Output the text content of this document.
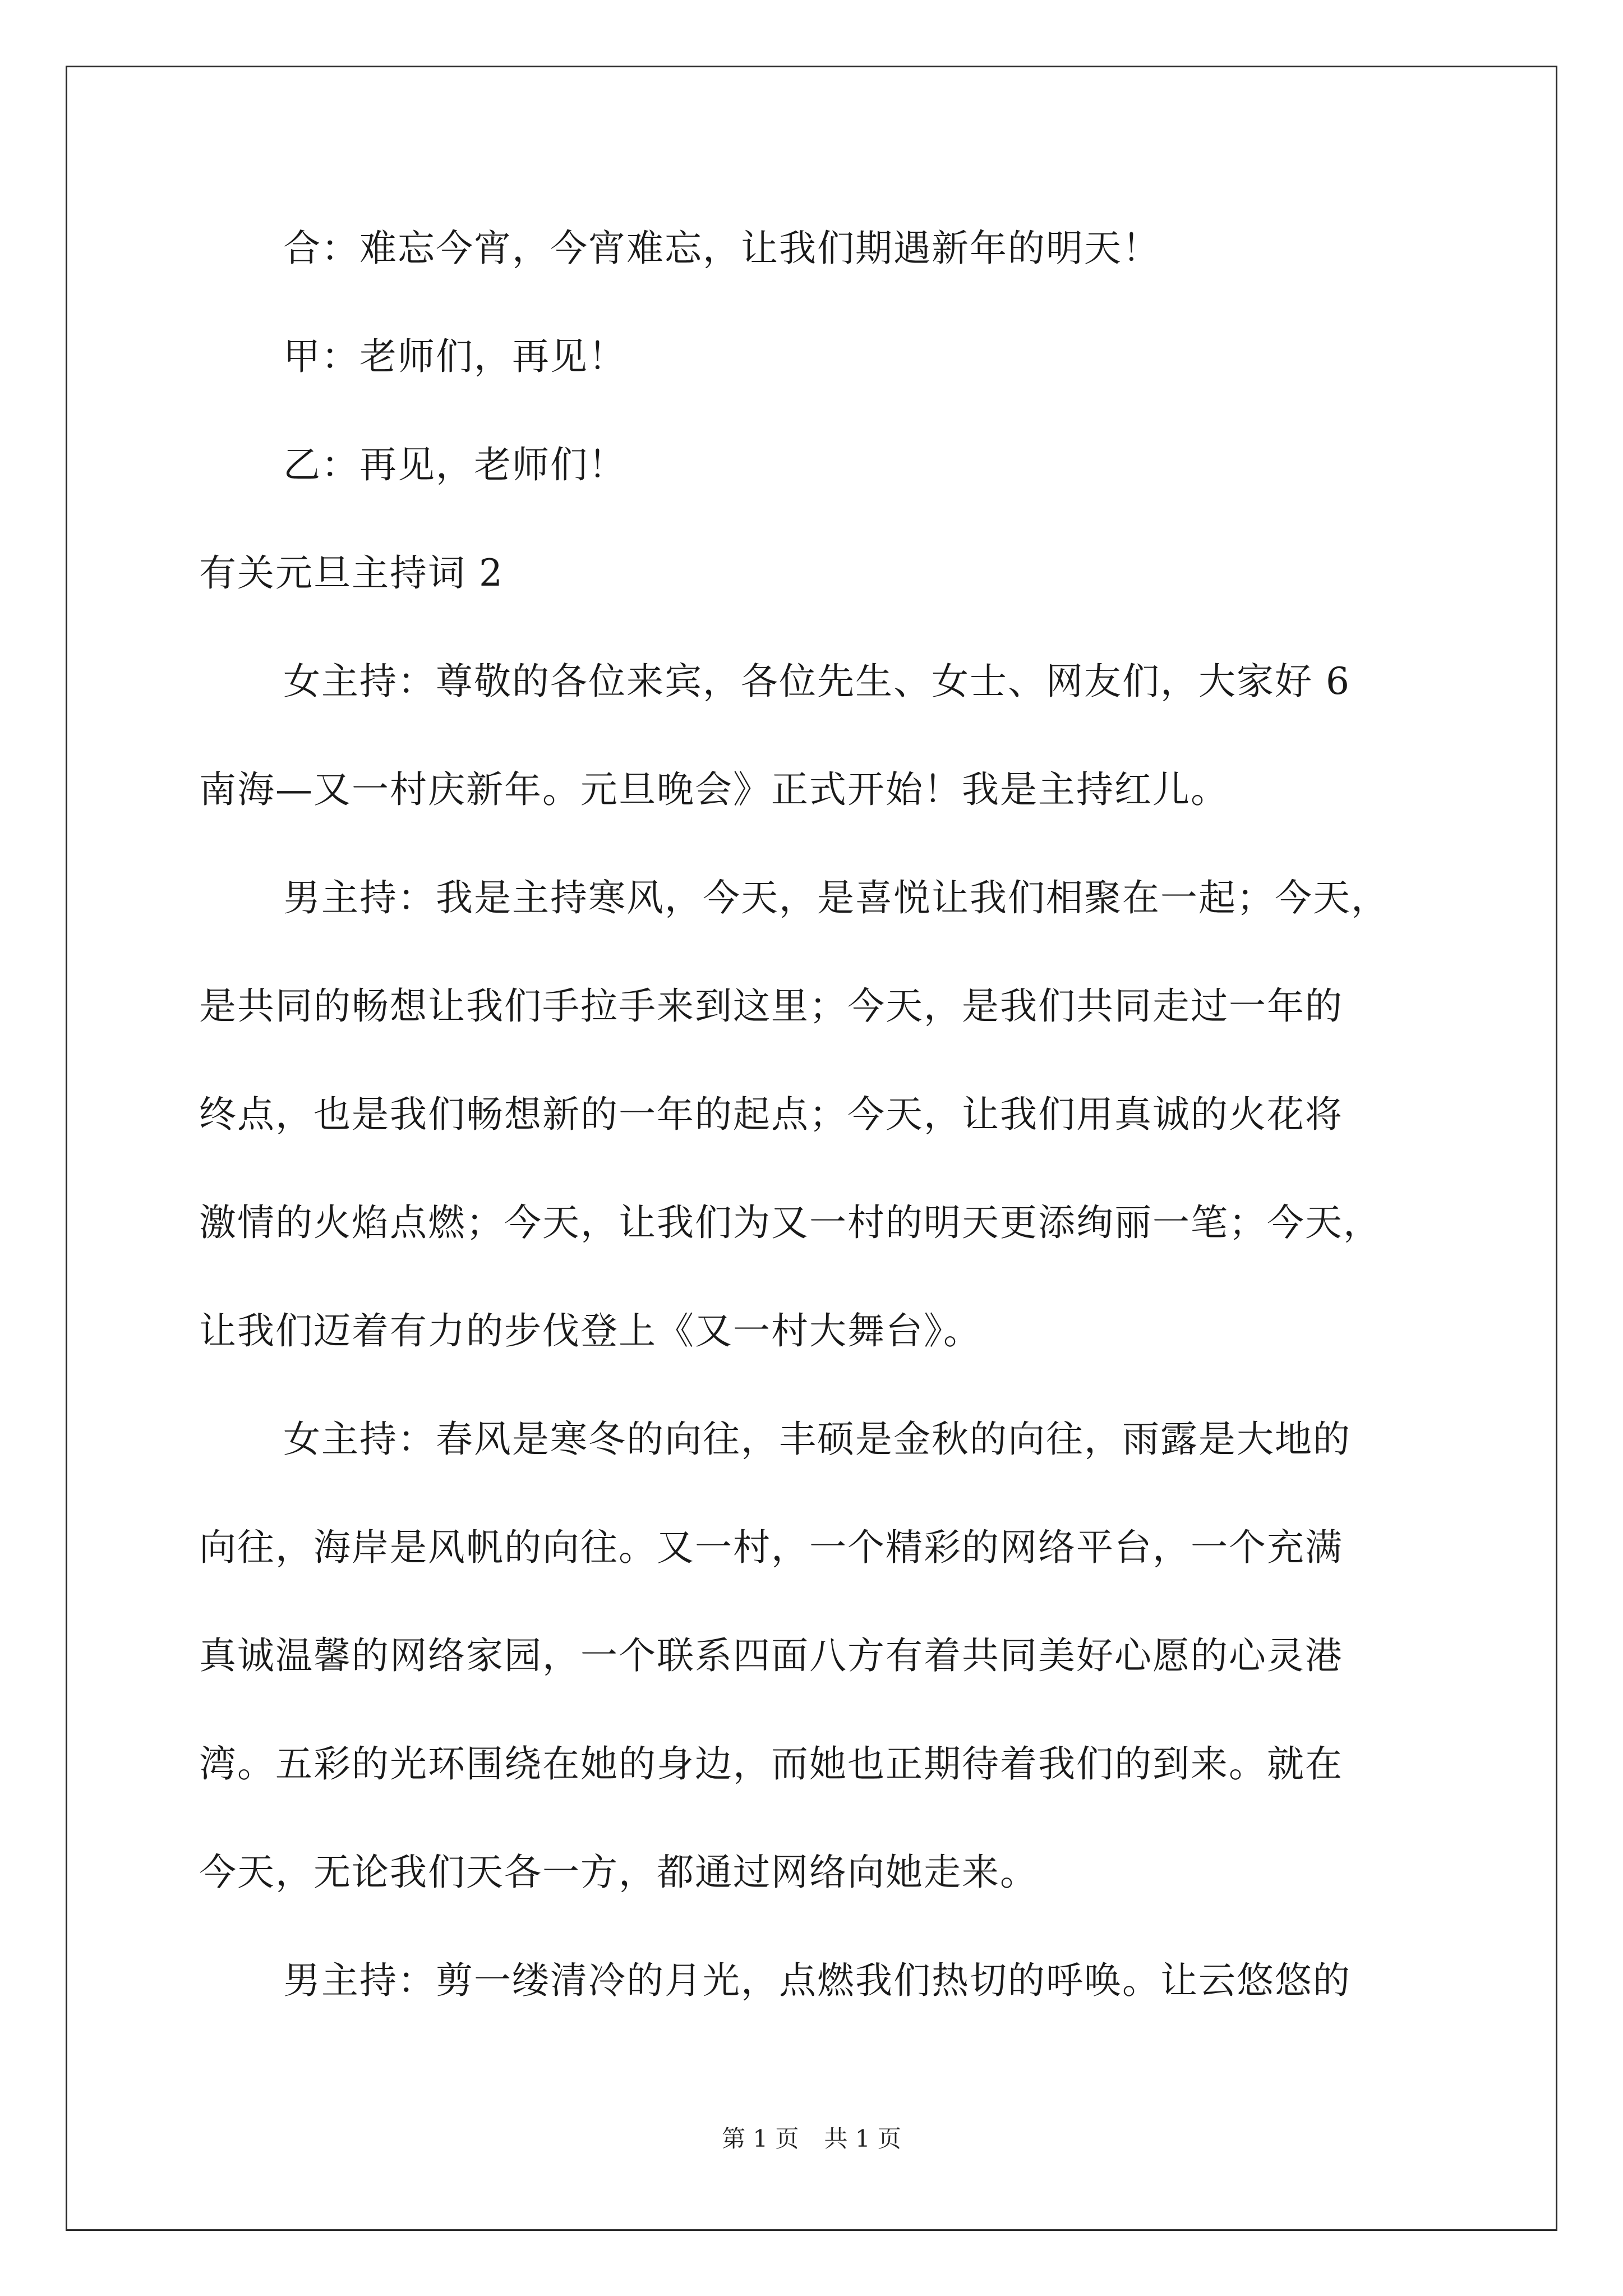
合：难忘今宵，今宵难忘，让我们期遇新年的明天！

甲：老师们，再见！

乙：再见，老师们！

有关元旦主持词 2

女主持：尊敬的各位来宾，各位先生、女士、网友们，大家好 6

南海—又一村庆新年。元旦晚会》正式开始！我是主持红儿。

男主持：我是主持寒风，今天，是喜悦让我们相聚在一起；今天，

是共同的畅想让我们手拉手来到这里；今天，是我们共同走过一年的

终点，也是我们畅想新的一年的起点；今天，让我们用真诚的火花将

激情的火焰点燃；今天，让我们为又一村的明天更添绚丽一笔；今天，

让我们迈着有力的步伐登上《又一村大舞台》。

女主持：春风是寒冬的向往，丰硕是金秋的向往，雨露是大地的

向往，海岸是风帆的向往。又一村，一个精彩的网络平台，一个充满

真诚温馨的网络家园，一个联系四面八方有着共同美好心愿的心灵港

湾。五彩的光环围绕在她的身边，而她也正期待着我们的到来。就在

今天，无论我们天各一方，都通过网络向她走来。

男主持：剪一缕清冷的月光，点燃我们热切的呼唤。让云悠悠的

第 1 页 共 1 页
